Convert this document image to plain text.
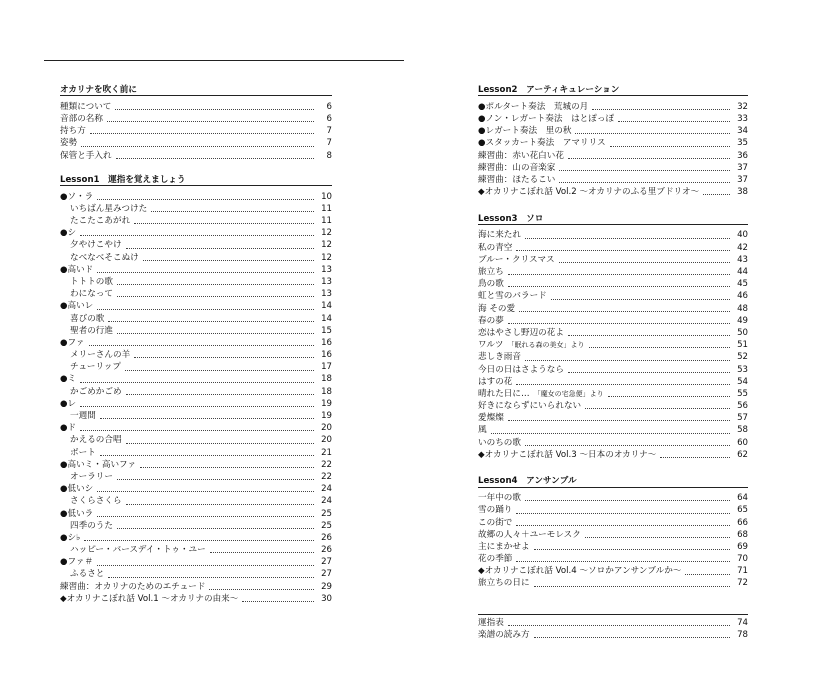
オカリナを吹く前に
種類について	6
音部の名称	6
持ち方	7
姿勢	7
保管と手入れ	8
Lesson1　運指を覚えましょう
●ソ・ラ	10
いちばん星みつけた	11
たこたこあがれ	11
●シ	12
夕やけこやけ	12
なべなべそこぬけ	12
●高いド	13
トトトの歌	13
わになって	13
●高いレ	14
喜びの歌	14
聖者の行進	15
●ファ	16
メリーさんの羊	16
チューリップ	17
●ミ	18
かごめかごめ	18
●レ	19
一週間	19
●ド	20
かえるの合唱	20
ボート	21
●高いミ・高いファ	22
オーラリー	22
●低いシ	24
さくらさくら	24
●低いラ	25
四季のうた	25
●シ♭	26
ハッピー・バースデイ・トゥ・ユー	26
●ファ＃	27
ふるさと	27
練習曲：オカリナのためのエチュード	29
◆オカリナこぼれ話 Vol.1 〜オカリナの由来〜	30
Lesson2　アーティキュレーション
●ポルタート奏法　荒城の月	32
●ノン・レガート奏法　はとぽっぽ	33
●レガート奏法　里の秋	34
●スタッカート奏法　アマリリス	35
練習曲：赤い花白い花	36
練習曲：山の音楽家	37
練習曲：ほたるこい	37
◆オカリナこぼれ話 Vol.2 〜オカリナのふる里ブドリオ〜	38
Lesson3　ソロ
海に来たれ	40
私の青空	42
ブルー・クリスマス	43
旅立ち	44
鳥の歌	45
虹と雪のバラード	46
海 その愛	48
春の夢	49
恋はやさし野辺の花よ	50
ワルツ 「眠れる森の美女」より	51
悲しき雨音	52
今日の日はさようなら	53
はすの花	54
晴れた日に… 「魔女の宅急便」より	55
好きにならずにいられない	56
愛燦燦	57
風	58
いのちの歌	60
◆オカリナこぼれ話 Vol.3 〜日本のオカリナ〜	62
Lesson4　アンサンブル
一年中の歌	64
雪の踊り	65
この街で	66
故郷の人々＋ユーモレスク	68
主にまかせよ	69
花の季節	70
◆オカリナこぼれ話 Vol.4 〜ソロかアンサンブルか〜	71
旅立ちの日に	72
運指表	74
楽譜の読み方	78
